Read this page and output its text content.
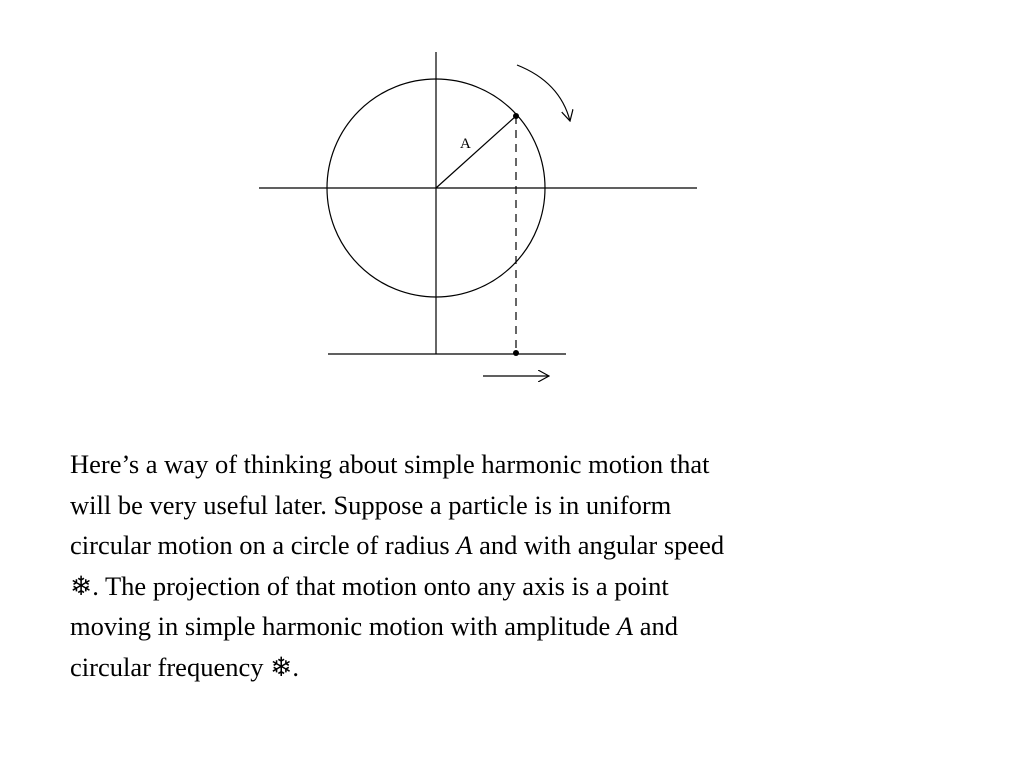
A

Here’s a way of thinking about simple harmonic motion that
will be very useful later. Suppose a particle is in uniform
circular motion on a circle of radius A and with angular speed
❄. The projection of that motion onto any axis is a point
moving in simple harmonic motion with amplitude A and
circular frequency ❄.
